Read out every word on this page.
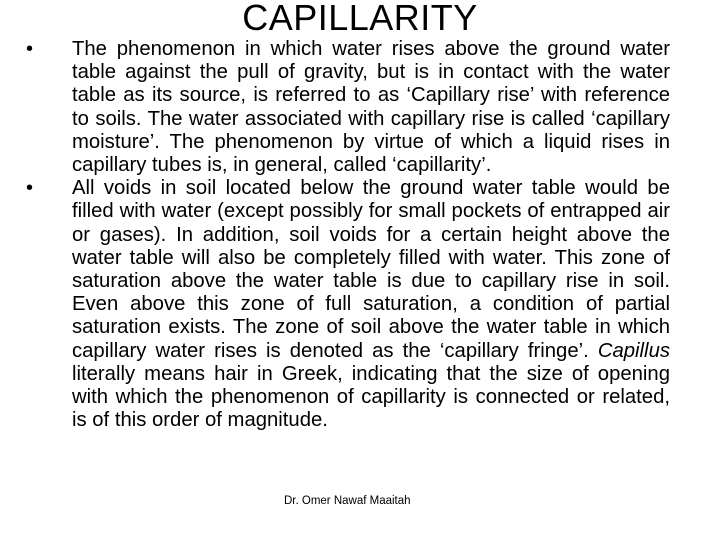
CAPILLARITY
•	The phenomenon in which water rises above the ground water table against the pull of gravity, but is in contact with the water table as its source, is referred to as ‘Capillary rise’ with reference to soils. The water associated with capillary rise is called ‘capillary moisture’. The phenomenon by virtue of which a liquid rises in capillary tubes is, in general, called ‘capillarity’.
•	All voids in soil located below the ground water table would be filled with water (except possibly for small pockets of entrapped air or gases). In addition, soil voids for a certain height above the water table will also be completely filled with water. This zone of saturation above the water table is due to capillary rise in soil. Even above this zone of full saturation, a condition of partial saturation exists. The zone of soil above the water table in which capillary water rises is denoted as the ‘capillary fringe’. Capillus literally means hair in Greek, indicating that the size of opening with which the phenomenon of capillarity is connected or related, is of this order of magnitude.
Dr. Omer Nawaf Maaitah
